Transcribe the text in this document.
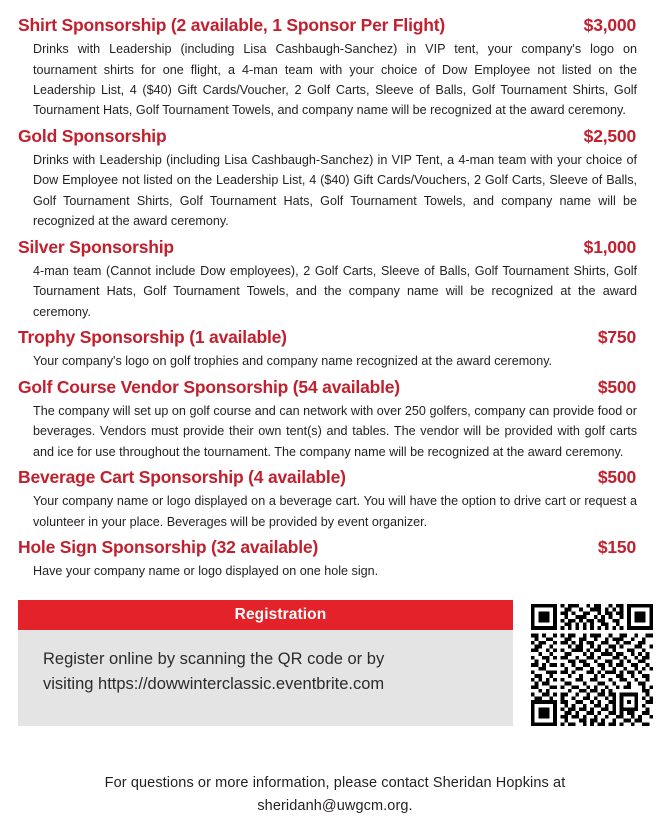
Shirt Sponsorship (2 available, 1 Sponsor Per Flight)	$3,000
Drinks with Leadership (including Lisa Cashbaugh-Sanchez) in VIP tent, your company's logo on tournament shirts for one flight, a 4-man team with your choice of Dow Employee not listed on the Leadership List, 4 ($40) Gift Cards/Voucher, 2 Golf Carts, Sleeve of Balls, Golf Tournament Shirts, Golf Tournament Hats, Golf Tournament Towels, and company name will be recognized at the award ceremony.
Gold Sponsorship	$2,500
Drinks with Leadership (including Lisa Cashbaugh-Sanchez) in VIP Tent, a 4-man team with your choice of Dow Employee not listed on the Leadership List, 4 ($40) Gift Cards/Vouchers, 2 Golf Carts, Sleeve of Balls, Golf Tournament Shirts, Golf Tournament Hats, Golf Tournament Towels, and company name will be recognized at the award ceremony.
Silver Sponsorship	$1,000
4-man team (Cannot include Dow employees), 2 Golf Carts, Sleeve of Balls, Golf Tournament Shirts, Golf Tournament Hats, Golf Tournament Towels, and the company name will be recognized at the award ceremony.
Trophy Sponsorship (1 available)	$750
Your company's logo on golf trophies and company name recognized at the award ceremony.
Golf Course Vendor Sponsorship (54 available)	$500
The company will set up on golf course and can network with over 250 golfers, company can provide food or beverages. Vendors must provide their own tent(s) and tables. The vendor will be provided with golf carts and ice for use throughout the tournament. The company name will be recognized at the award ceremony.
Beverage Cart Sponsorship (4 available)	$500
Your company name or logo displayed on a beverage cart. You will have the option to drive cart or request a volunteer in your place. Beverages will be provided by event organizer.
Hole Sign Sponsorship (32 available)	$150
Have your company name or logo displayed on one hole sign.
Registration
Register online by scanning the QR code or by
visiting https://dowwinterclassic.eventbrite.com
For questions or more information, please contact Sheridan Hopkins at
sheridanh@uwgcm.org.
